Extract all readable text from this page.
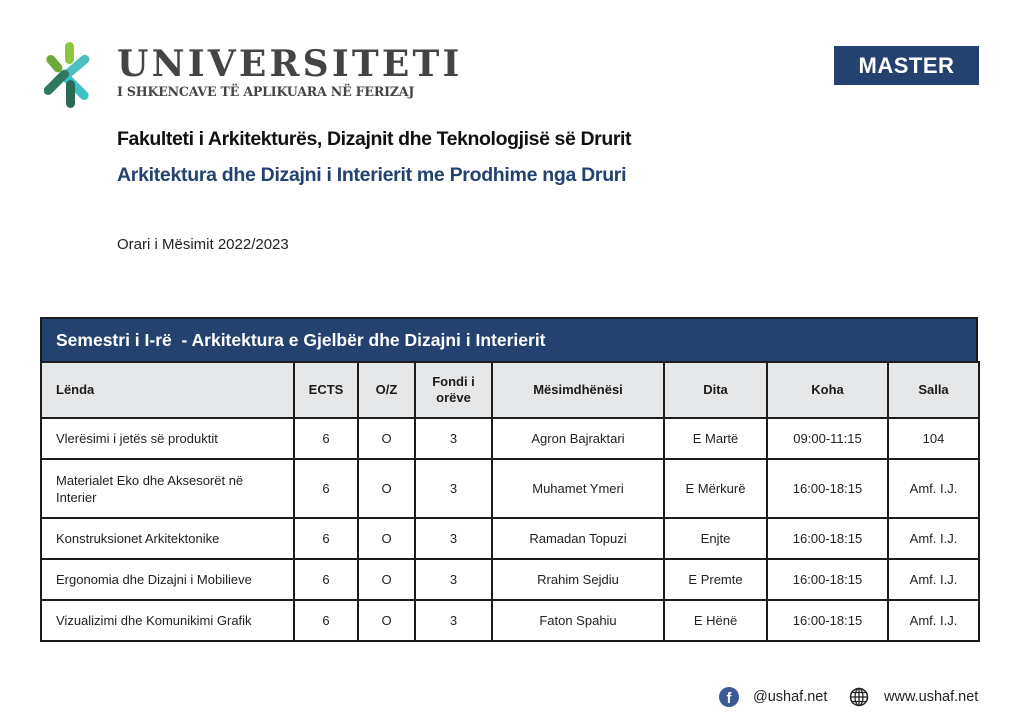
UNIVERSITETI
I SHKENCAVE TË APLIKUARA NË FERIZAJ
MASTER
Fakulteti i Arkitekturës, Dizajnit dhe Teknologjisë së Drurit
Arkitektura dhe Dizajni i Interierit me Prodhime nga Druri
Orari i Mësimit 2022/2023
Semestri i I-rë  - Arkitektura e Gjelbër dhe Dizajni i Interierit
Lënda	ECTS	O/Z	Fondi i orëve	Mësimdhënësi	Dita	Koha	Salla
Vlerësimi i jetës së produktit	6	O	3	Agron Bajraktari	E Martë	09:00-11:15	104
Materialet Eko dhe Aksesorët në Interier	6	O	3	Muhamet Ymeri	E Mërkurë	16:00-18:15	Amf. I.J.
Konstruksionet Arkitektonike	6	O	3	Ramadan Topuzi	Enjte	16:00-18:15	Amf. I.J.
Ergonomia dhe Dizajni i Mobilieve	6	O	3	Rrahim Sejdiu	E Premte	16:00-18:15	Amf. I.J.
Vizualizimi dhe Komunikimi Grafik	6	O	3	Faton Spahiu	E Hënë	16:00-18:15	Amf. I.J.
f	@ushaf.net	www.ushaf.net
